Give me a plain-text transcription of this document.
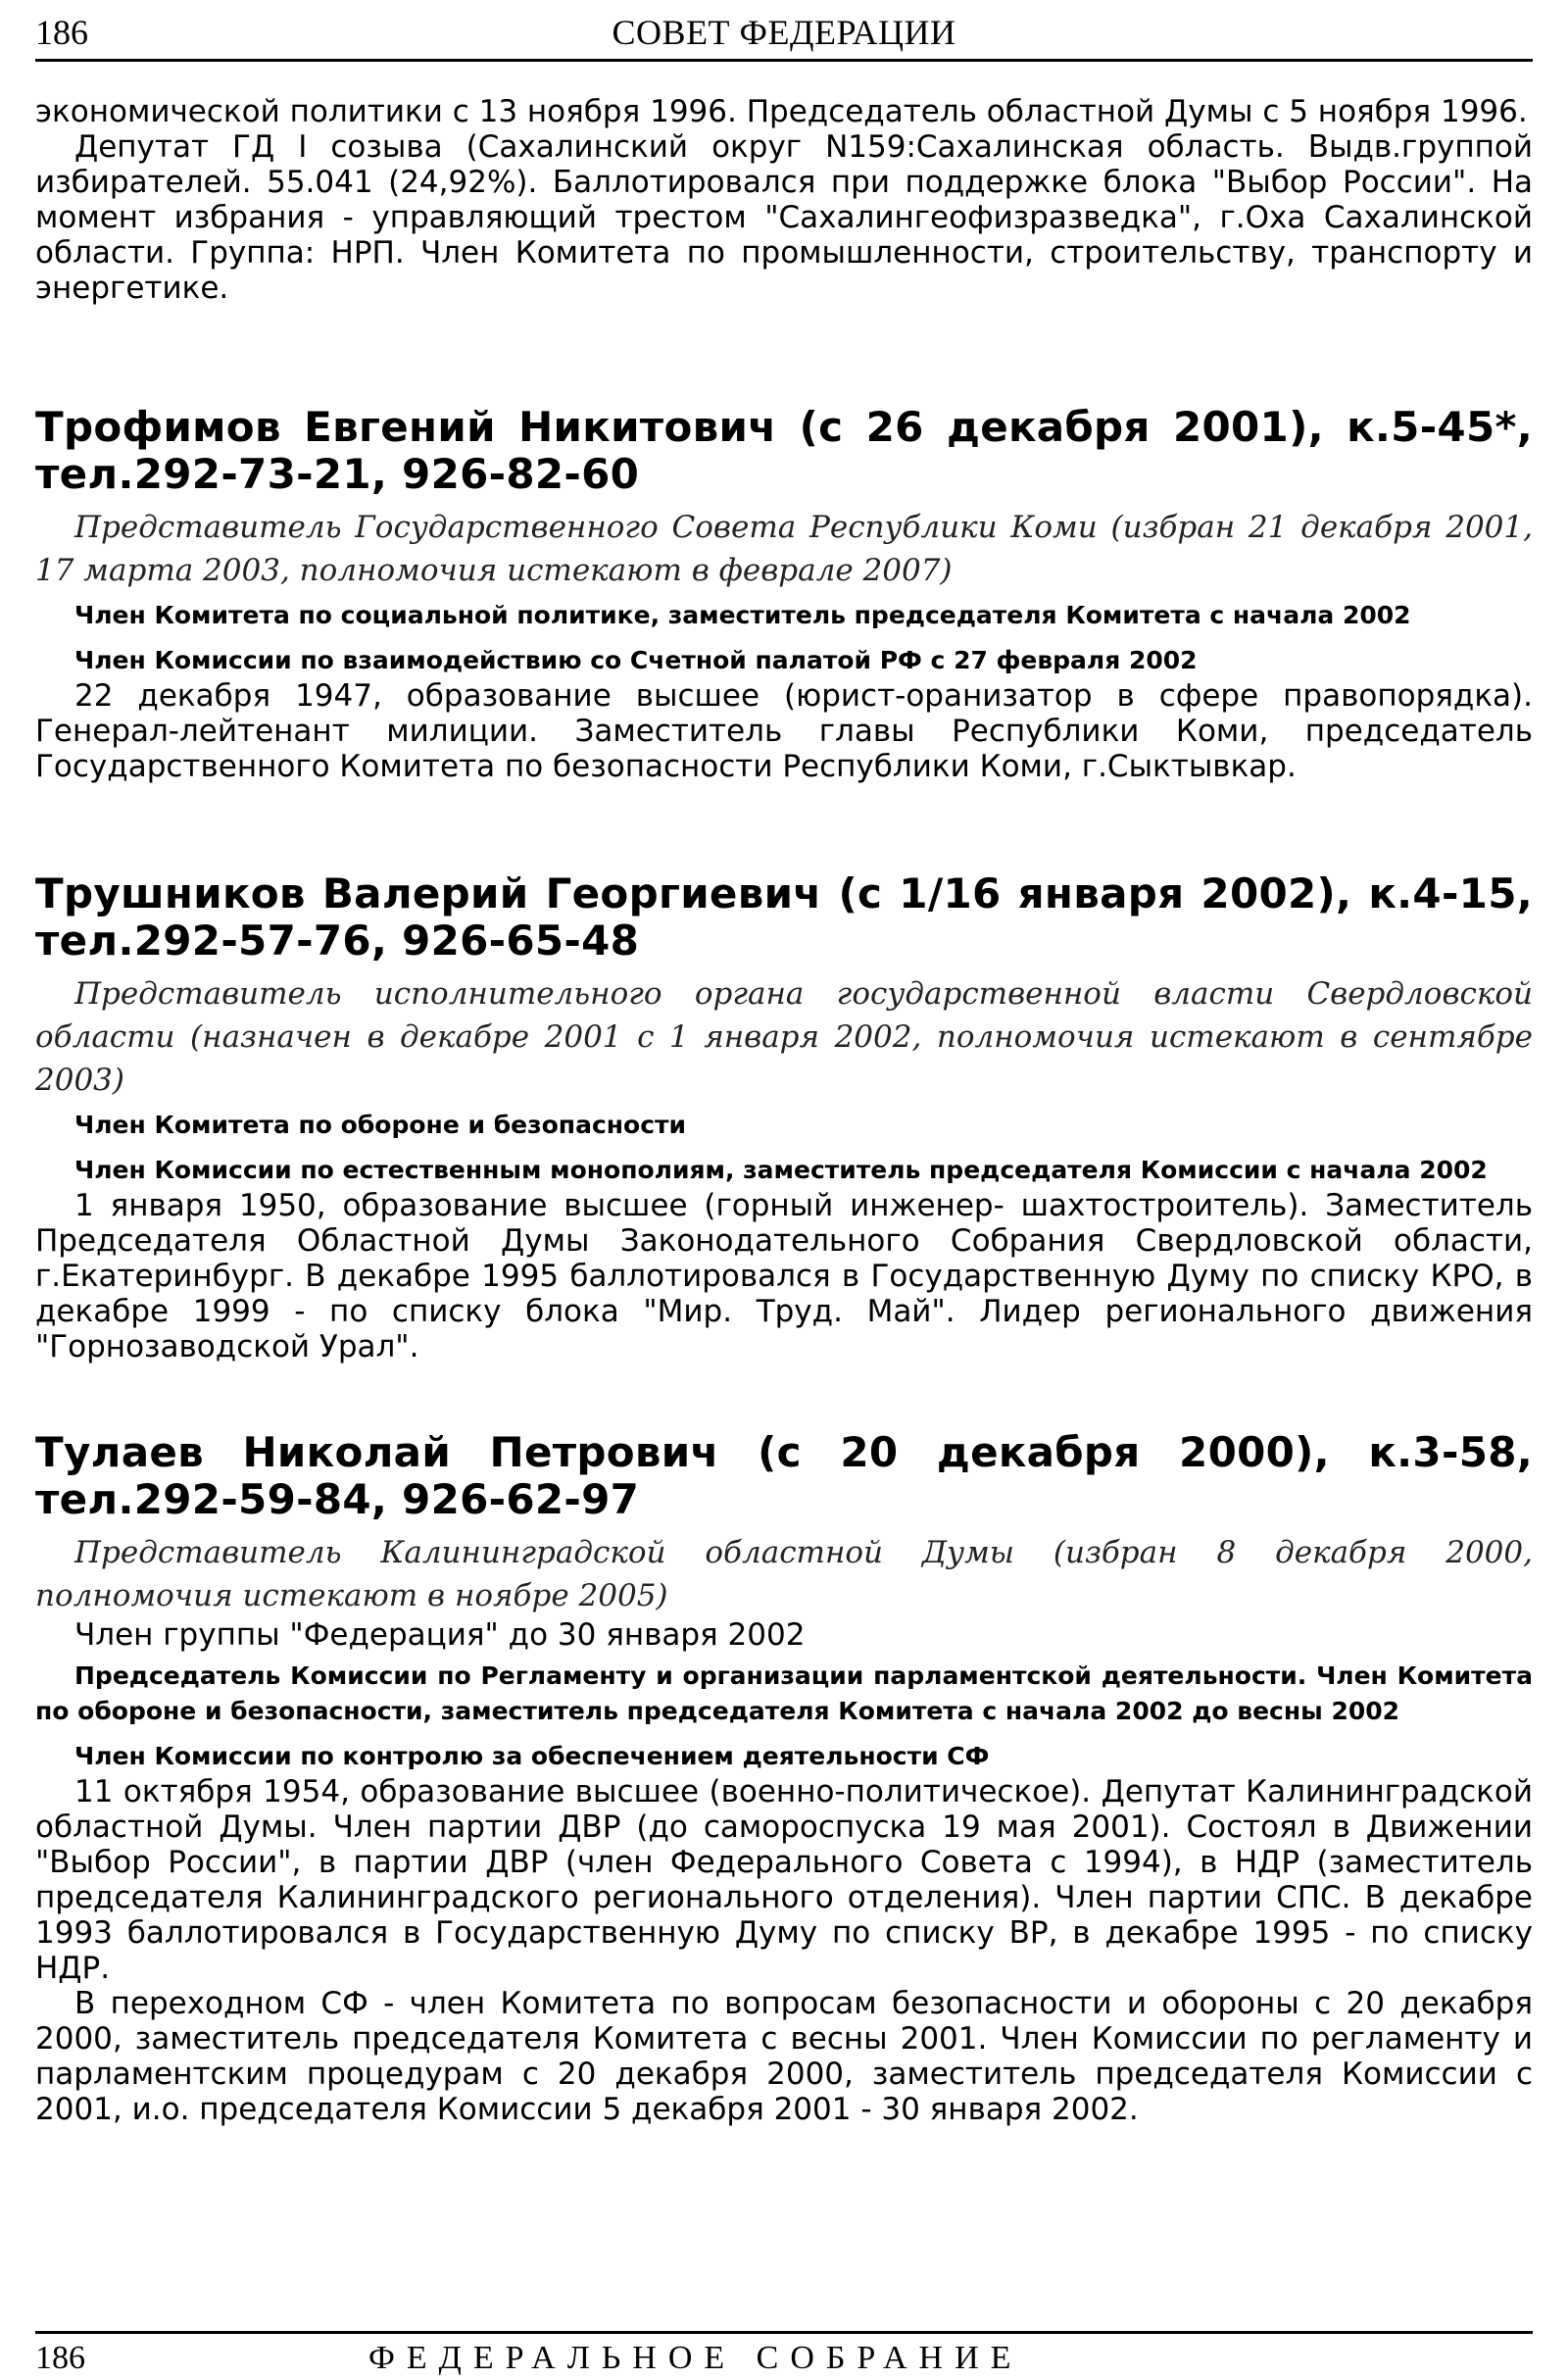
186	СОВЕТ ФЕДЕРАЦИИ

экономической политики с 13 ноября 1996. Председатель областной Думы с 5 ноября 1996.

Депутат ГД I созыва (Сахалинский округ N159:Сахалинская область. Выдв.группой избирателей. 55.041 (24,92%). Баллотировался при поддержке блока "Выбор России". На момент избрания - управляющий трестом "Сахалингеофизразведка", г.Оха Сахалинской области. Группа: НРП. Член Комитета по промышленности, строительству, транспорту и энергетике.

Трофимов Евгений Никитович (с 26 декабря 2001), к.5-45*, тел.292-73-21, 926-82-60

Представитель Государственного Совета Республики Коми (избран 21 декабря 2001, 17 марта 2003, полномочия истекают в феврале 2007)

Член Комитета по социальной политике, заместитель председателя Комитета с начала 2002

Член Комиссии по взаимодействию со Счетной палатой РФ с 27 февраля 2002

22 декабря 1947, образование высшее (юрист-оранизатор в сфере правопорядка). Генерал-лейтенант милиции. Заместитель главы Республики Коми, председатель Государственного Комитета по безопасности Республики Коми, г.Сыктывкар.

Трушников Валерий Георгиевич (с 1/16 января 2002), к.4-15, тел.292-57-76, 926-65-48

Представитель исполнительного органа государственной власти Свердловской области (назначен в декабре 2001 с 1 января 2002, полномочия истекают в сентябре 2003)

Член Комитета по обороне и безопасности

Член Комиссии по естественным монополиям, заместитель председателя Комиссии с начала 2002

1 января 1950, образование высшее (горный инженер- шахтостроитель). Заместитель Председателя Областной Думы Законодательного Собрания Свердловской области, г.Екатеринбург. В декабре 1995 баллотировался в Государственную Думу по списку КРО, в декабре 1999 - по списку блока "Мир. Труд. Май". Лидер регионального движения "Горнозаводской Урал".

Тулаев Николай Петрович (с 20 декабря 2000), к.3-58, тел.292-59-84, 926-62-97

Представитель Калининградской областной Думы (избран 8 декабря 2000, полномочия истекают в ноябре 2005)

Член группы "Федерация" до 30 января 2002

Председатель Комиссии по Регламенту и организации парламентской деятельности. Член Комитета по обороне и безопасности, заместитель председателя Комитета с начала 2002 до весны 2002

Член Комиссии по контролю за обеспечением деятельности СФ

11 октября 1954, образование высшее (военно-политическое). Депутат Калининградской областной Думы. Член партии ДВР (до самороспуска 19 мая 2001). Состоял в Движении "Выбор России", в партии ДВР (член Федерального Совета с 1994), в НДР (заместитель председателя Калининградского регионального отделения). Член партии СПС. В декабре 1993 баллотировался в Государственную Думу по списку ВР, в декабре 1995 - по списку НДР.

В переходном СФ - член Комитета по вопросам безопасности и обороны с 20 декабря 2000, заместитель председателя Комитета с весны 2001. Член Комиссии по регламенту и парламентским процедурам с 20 декабря 2000, заместитель председателя Комиссии с 2001, и.о. председателя Комиссии 5 декабря 2001 - 30 января 2002.

186	ФЕДЕРАЛЬНОЕ СОБРАНИЕ
